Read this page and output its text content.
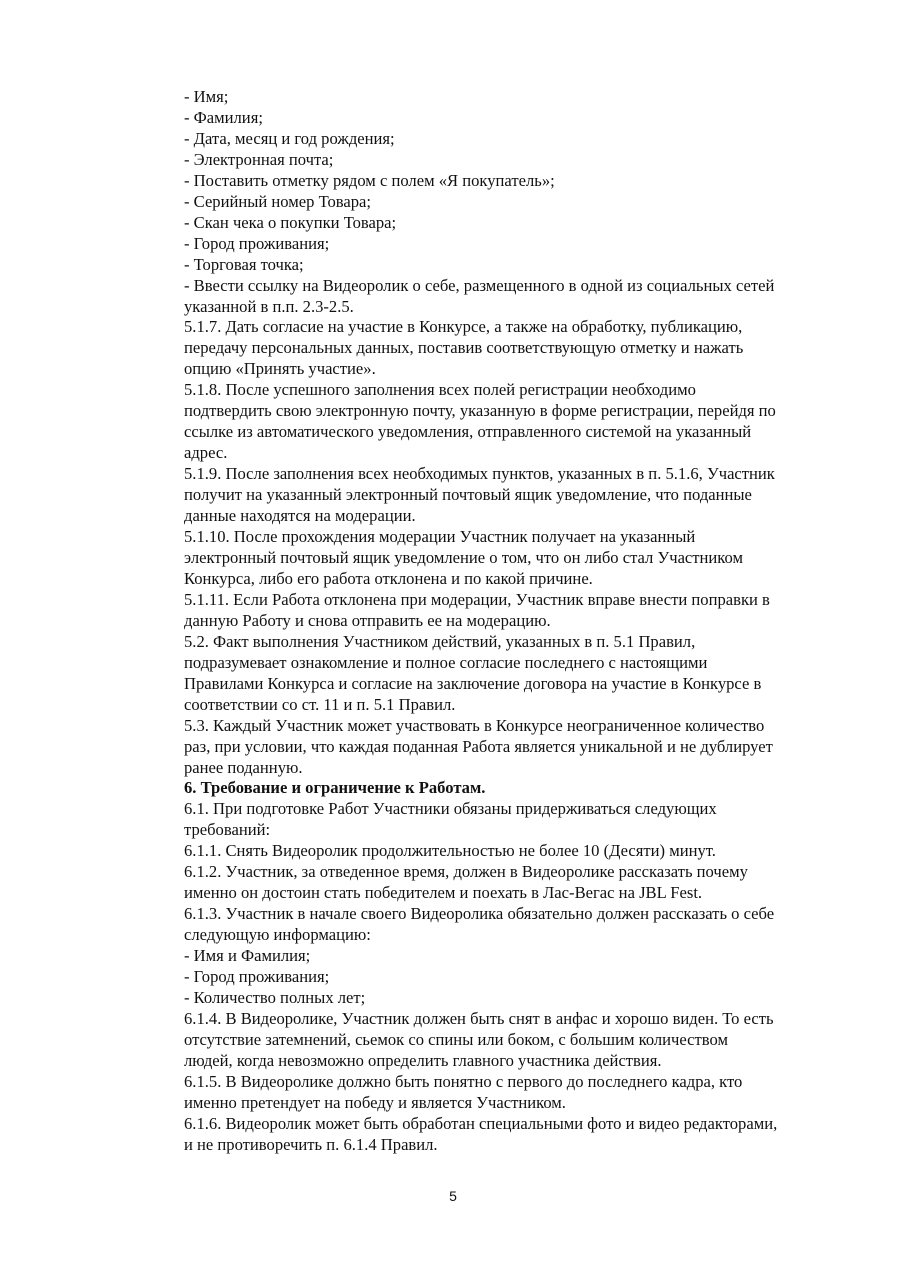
- Имя;
- Фамилия;
- Дата, месяц и год рождения;
- Электронная почта;
- Поставить отметку рядом с полем «Я покупатель»;
- Серийный номер Товара;
- Скан чека о покупки Товара;
- Город проживания;
- Торговая точка;
- Ввести ссылку на Видеоролик о себе, размещенного в одной из социальных сетей
указанной в п.п. 2.3-2.5.
5.1.7. Дать согласие на участие в Конкурсе, а также на обработку, публикацию,
передачу персональных данных, поставив соответствующую отметку и нажать
опцию «Принять участие».
5.1.8. После успешного заполнения всех полей регистрации необходимо
подтвердить свою электронную почту, указанную в форме регистрации, перейдя по
ссылке из автоматического уведомления, отправленного системой на указанный
адрес.
5.1.9. После заполнения всех необходимых пунктов, указанных в п. 5.1.6, Участник
получит на указанный электронный почтовый ящик уведомление, что поданные
данные находятся на модерации.
5.1.10. После прохождения модерации Участник получает на указанный
электронный почтовый ящик уведомление о том, что он либо стал Участником
Конкурса, либо его работа отклонена и по какой причине.
5.1.11. Если Работа отклонена при модерации, Участник вправе внести поправки в
данную Работу и снова отправить ее на модерацию.
5.2. Факт выполнения Участником действий, указанных в п. 5.1 Правил,
подразумевает ознакомление и полное согласие последнего с настоящими
Правилами Конкурса и согласие на заключение договора на участие в Конкурсе в
соответствии со ст. 11 и п. 5.1 Правил.
5.3. Каждый Участник может участвовать в Конкурсе неограниченное количество
раз, при условии, что каждая поданная Работа является уникальной и не дублирует
ранее поданную.
6. Требование и ограничение к Работам.
6.1. При подготовке Работ Участники обязаны придерживаться следующих
требований:
6.1.1. Снять Видеоролик продолжительностью не более 10 (Десяти) минут.
6.1.2. Участник, за отведенное время, должен в Видеоролике рассказать почему
именно он достоин стать победителем и поехать в Лас-Вегас на JBL Fest.
6.1.3. Участник в начале своего Видеоролика обязательно должен рассказать о себе
следующую информацию:
- Имя и Фамилия;
- Город проживания;
- Количество полных лет;
6.1.4. В Видеоролике, Участник должен быть снят в анфас и хорошо виден. То есть
отсутствие затемнений, сьемок со спины или боком, с большим количеством
людей, когда невозможно определить главного участника действия.
6.1.5. В Видеоролике должно быть понятно с первого до последнего кадра, кто
именно претендует на победу и является Участником.
6.1.6. Видеоролик может быть обработан специальными фото и видео редакторами,
и не противоречить п. 6.1.4 Правил.
5
